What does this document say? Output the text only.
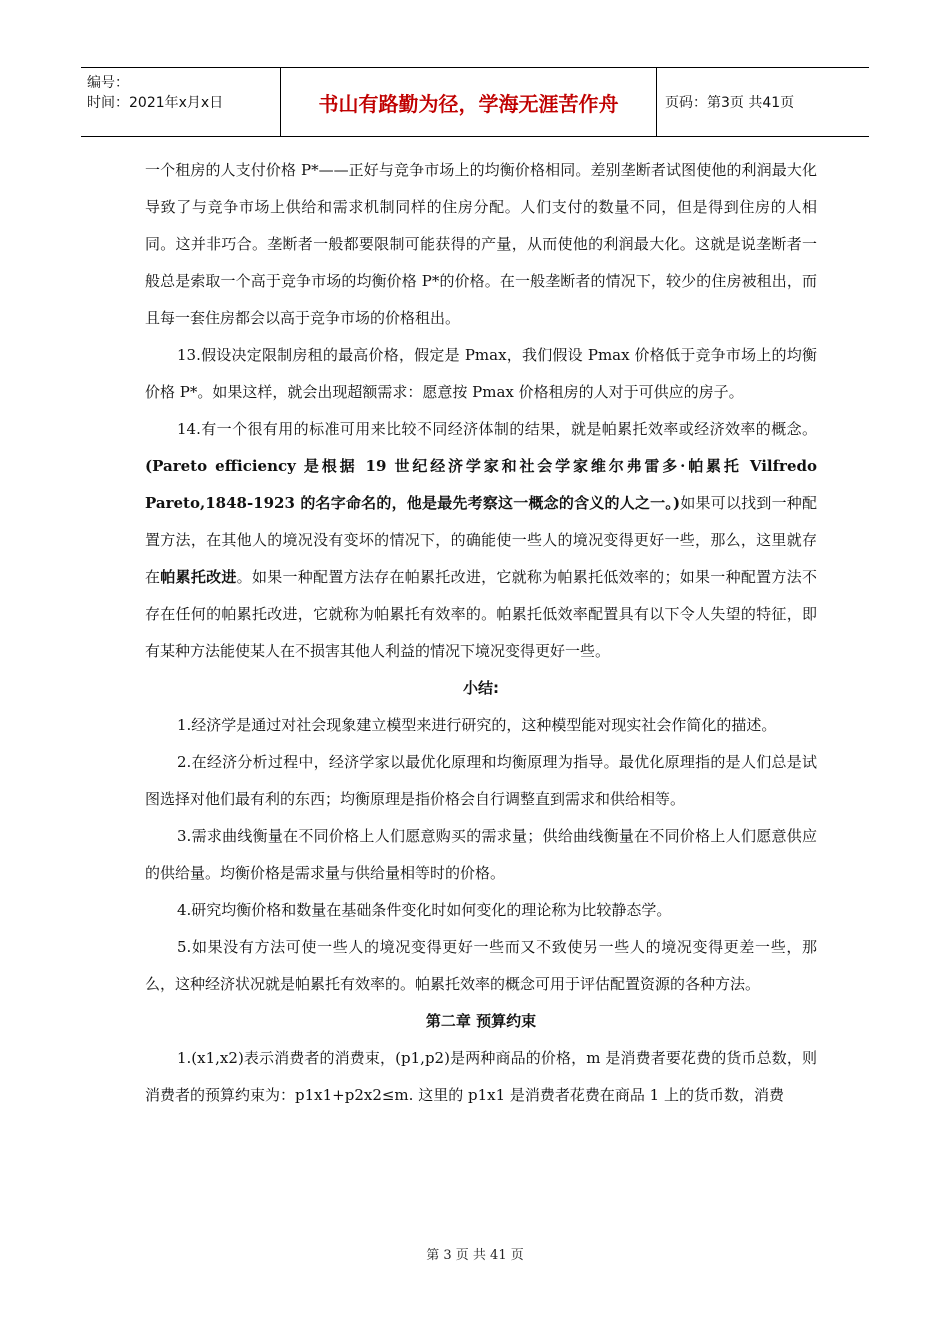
编号：
时间：2021年x月x日	书山有路勤为径，学海无涯苦作舟	页码：第3页 共41页

一个租房的人支付价格 P*——正好与竞争市场上的均衡价格相同。差别垄断者试图使他的利润最大化导致了与竞争市场上供给和需求机制同样的住房分配。人们支付的数量不同，但是得到住房的人相同。这并非巧合。垄断者一般都要限制可能获得的产量，从而使他的利润最大化。这就是说垄断者一般总是索取一个高于竞争市场的均衡价格 P*的价格。在一般垄断者的情况下，较少的住房被租出，而且每一套住房都会以高于竞争市场的价格租出。

13.假设决定限制房租的最高价格，假定是 Pmax，我们假设 Pmax 价格低于竞争市场上的均衡价格 P*。如果这样，就会出现超额需求：愿意按 Pmax 价格租房的人对于可供应的房子。

14.有一个很有用的标准可用来比较不同经济体制的结果，就是帕累托效率或经济效率的概念。(Pareto efficiency 是根据 19 世纪经济学家和社会学家维尔弗雷多·帕累托 Vilfredo Pareto,1848-1923 的名字命名的，他是最先考察这一概念的含义的人之一。)如果可以找到一种配置方法，在其他人的境况没有变坏的情况下，的确能使一些人的境况变得更好一些，那么，这里就存在帕累托改进。如果一种配置方法存在帕累托改进，它就称为帕累托低效率的；如果一种配置方法不存在任何的帕累托改进，它就称为帕累托有效率的。帕累托低效率配置具有以下令人失望的特征，即有某种方法能使某人在不损害其他人利益的情况下境况变得更好一些。

小结:

1.经济学是通过对社会现象建立模型来进行研究的，这种模型能对现实社会作简化的描述。

2.在经济分析过程中，经济学家以最优化原理和均衡原理为指导。最优化原理指的是人们总是试图选择对他们最有利的东西；均衡原理是指价格会自行调整直到需求和供给相等。

3.需求曲线衡量在不同价格上人们愿意购买的需求量；供给曲线衡量在不同价格上人们愿意供应的供给量。均衡价格是需求量与供给量相等时的价格。

4.研究均衡价格和数量在基础条件变化时如何变化的理论称为比较静态学。

5.如果没有方法可使一些人的境况变得更好一些而又不致使另一些人的境况变得更差一些，那么，这种经济状况就是帕累托有效率的。帕累托效率的概念可用于评估配置资源的各种方法。

第二章 预算约束

1.(x1,x2)表示消费者的消费束，(p1,p2)是两种商品的价格，m 是消费者要花费的货币总数，则消费者的预算约束为：p1x1+p2x2≤m. 这里的 p1x1 是消费者花费在商品 1 上的货币数，消费

第 3 页 共 41 页
